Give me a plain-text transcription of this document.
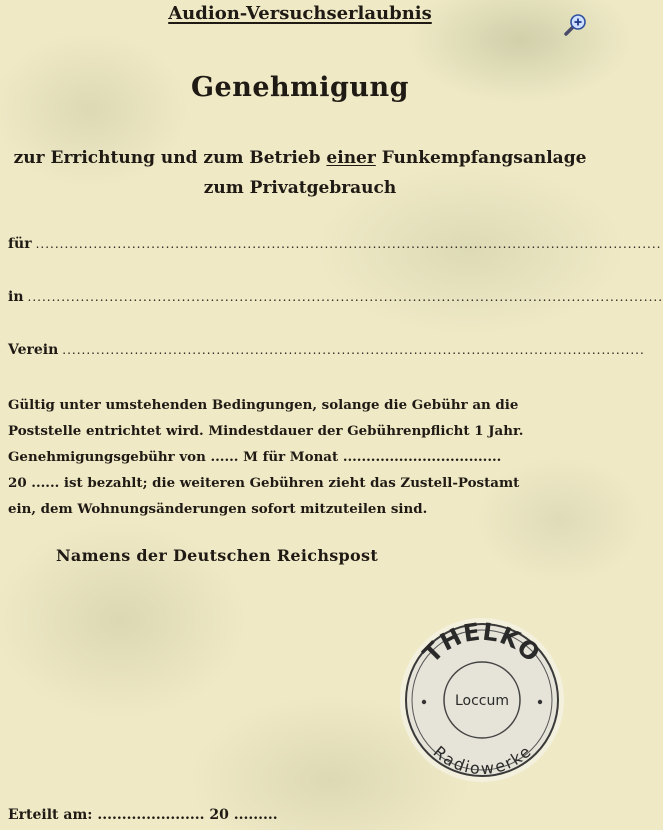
Audion-Versuchserlaubnis
Genehmigung
zur Errichtung und zum Betrieb einer Funkempfangsanlage
zum Privatgebrauch
für ..................................................................................................................................
in ....................................................................................................................................
Verein .........................................................................................................................
Gültig unter umstehenden Bedingungen, solange die Gebühr an die
Poststelle entrichtet wird. Mindestdauer der Gebührenpflicht 1 Jahr.
Genehmigungsgebühr von ...... M für Monat ..................................
20 ...... ist bezahlt; die weiteren Gebühren zieht das Zustell-Postamt
ein, dem Wohnungsänderungen sofort mitzuteilen sind.
Namens der Deutschen Reichspost
THELKO
Loccum
Radiowerke
Erteilt am: ...................... 20 .........
